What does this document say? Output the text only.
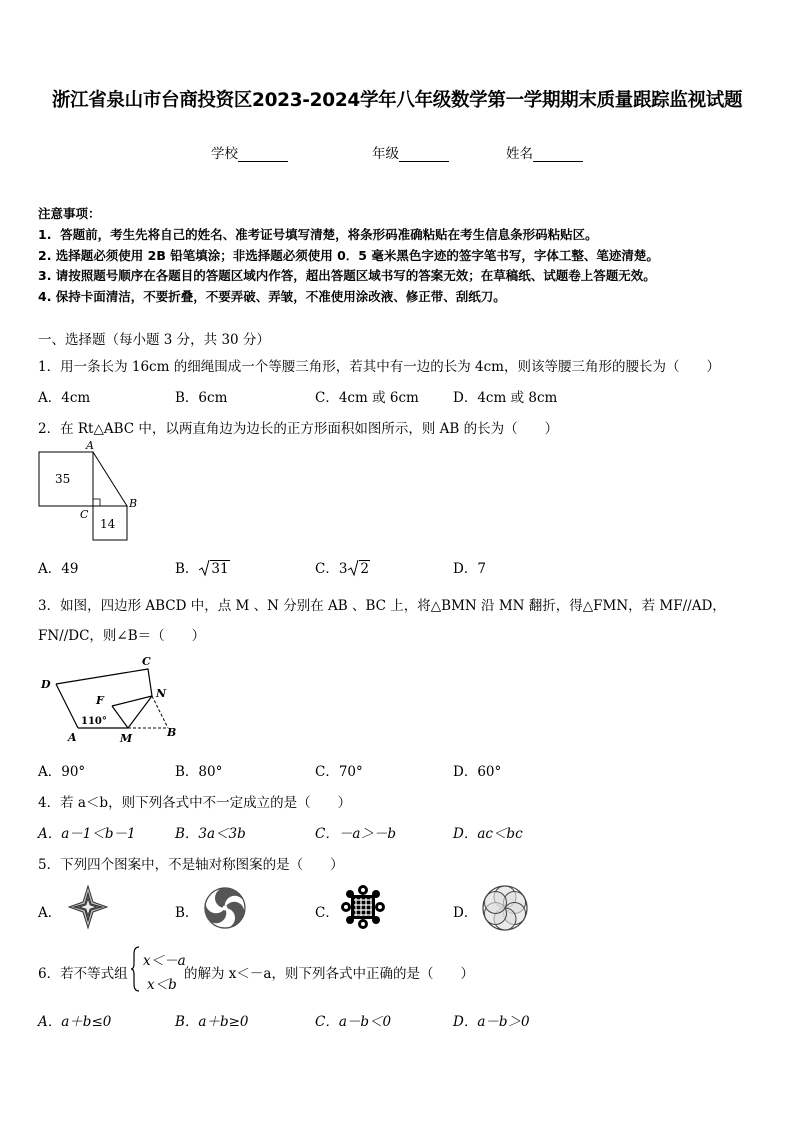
浙江省泉山市台商投资区2023-2024学年八年级数学第一学期期末质量跟踪监视试题
学校	年级	姓名
注意事项：
1.  答题前，考生先将自己的姓名、准考证号填写清楚，将条形码准确粘贴在考生信息条形码粘贴区。
2. 选择题必须使用 2B 铅笔填涂；非选择题必须使用 0．5 毫米黑色字迹的签字笔书写，字体工整、笔迹清楚。
3. 请按照题号顺序在各题目的答题区域内作答，超出答题区域书写的答案无效；在草稿纸、试题卷上答题无效。
4. 保持卡面清洁，不要折叠，不要弄破、弄皱，不准使用涂改液、修正带、刮纸刀。
一、选择题（每小题 3 分，共 30 分）
1．用一条长为 16cm 的细绳围成一个等腰三角形，若其中有一边的长为 4cm，则该等腰三角形的腰长为（　　）
A．4cm	B．6cm	C．4cm 或 6cm	D．4cm 或 8cm
2．在 Rt△ABC 中，以两直角边为边长的正方形面积如图所示，则 AB 的长为（　　）
35
14
A
B
C
A．49	B． 31	C．3 2	D．7
3．如图，四边形 ABCD 中，点 M 、N 分别在 AB 、BC 上，将△BMN 沿 MN 翻折，得△FMN，若 MF//AD，
FN//DC，则∠B＝（　　）
C
D
N
F
110°
A	M	B
A．90°	B．80°	C．70°	D．60°
4．若 a＜b，则下列各式中不一定成立的是（　　）
A．a－1＜b－1	B．3a＜3b	C．－a＞－b	D．ac＜bc
5．下列四个图案中，不是轴对称图案的是（　　）
A．	B．	C．	D．
6．若不等式组
x＜－a
x＜b
的解为 x＜－a，则下列各式中正确的是（　　）
A．a＋b≤0	B．a＋b≥0	C．a－b＜0	D．a－b＞0
